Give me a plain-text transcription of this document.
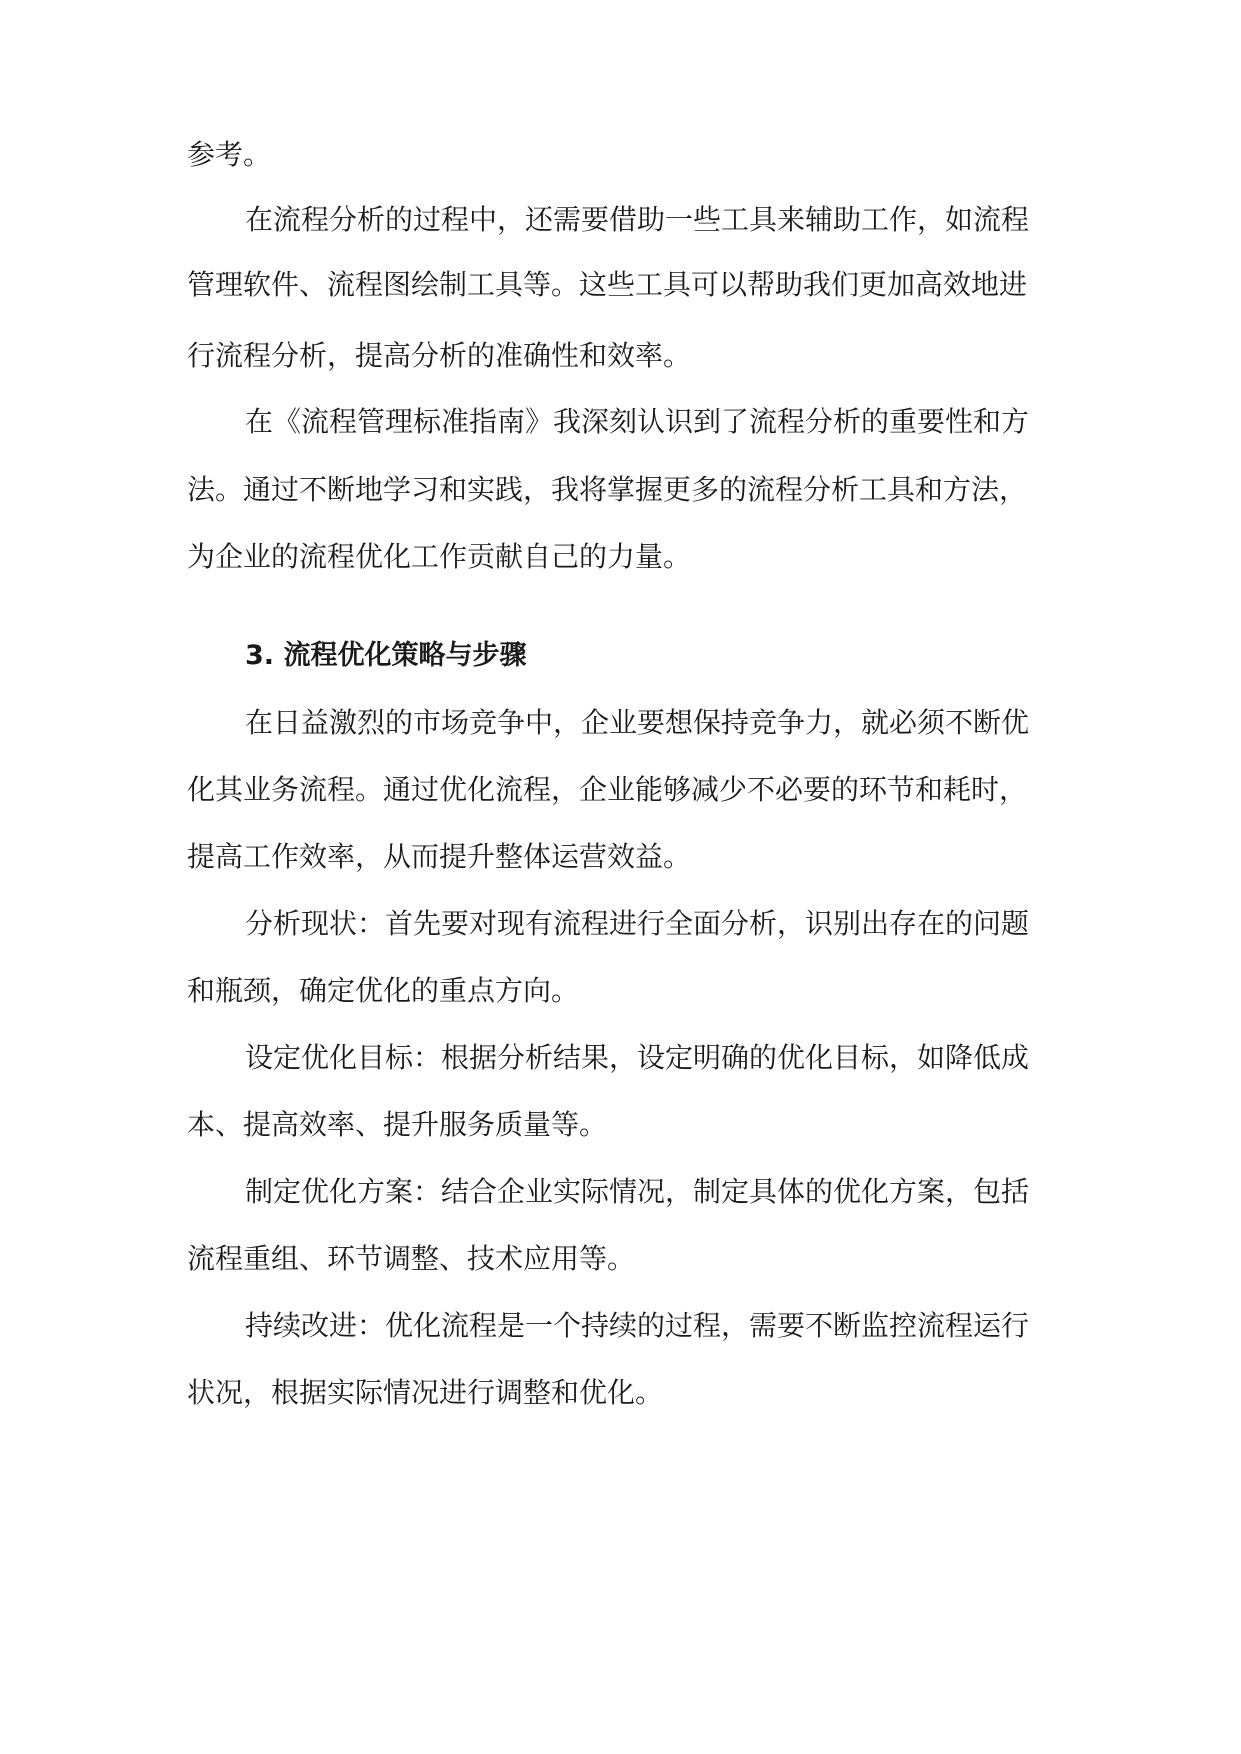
参考。
在流程分析的过程中，还需要借助一些工具来辅助工作，如流程
管理软件、流程图绘制工具等。这些工具可以帮助我们更加高效地进
行流程分析，提高分析的准确性和效率。
在《流程管理标准指南》我深刻认识到了流程分析的重要性和方
法。通过不断地学习和实践，我将掌握更多的流程分析工具和方法，
为企业的流程优化工作贡献自己的力量。
3. 流程优化策略与步骤
在日益激烈的市场竞争中，企业要想保持竞争力，就必须不断优
化其业务流程。通过优化流程，企业能够减少不必要的环节和耗时，
提高工作效率，从而提升整体运营效益。
分析现状：首先要对现有流程进行全面分析，识别出存在的问题
和瓶颈，确定优化的重点方向。
设定优化目标：根据分析结果，设定明确的优化目标，如降低成
本、提高效率、提升服务质量等。
制定优化方案：结合企业实际情况，制定具体的优化方案，包括
流程重组、环节调整、技术应用等。
持续改进：优化流程是一个持续的过程，需要不断监控流程运行
状况，根据实际情况进行调整和优化。
